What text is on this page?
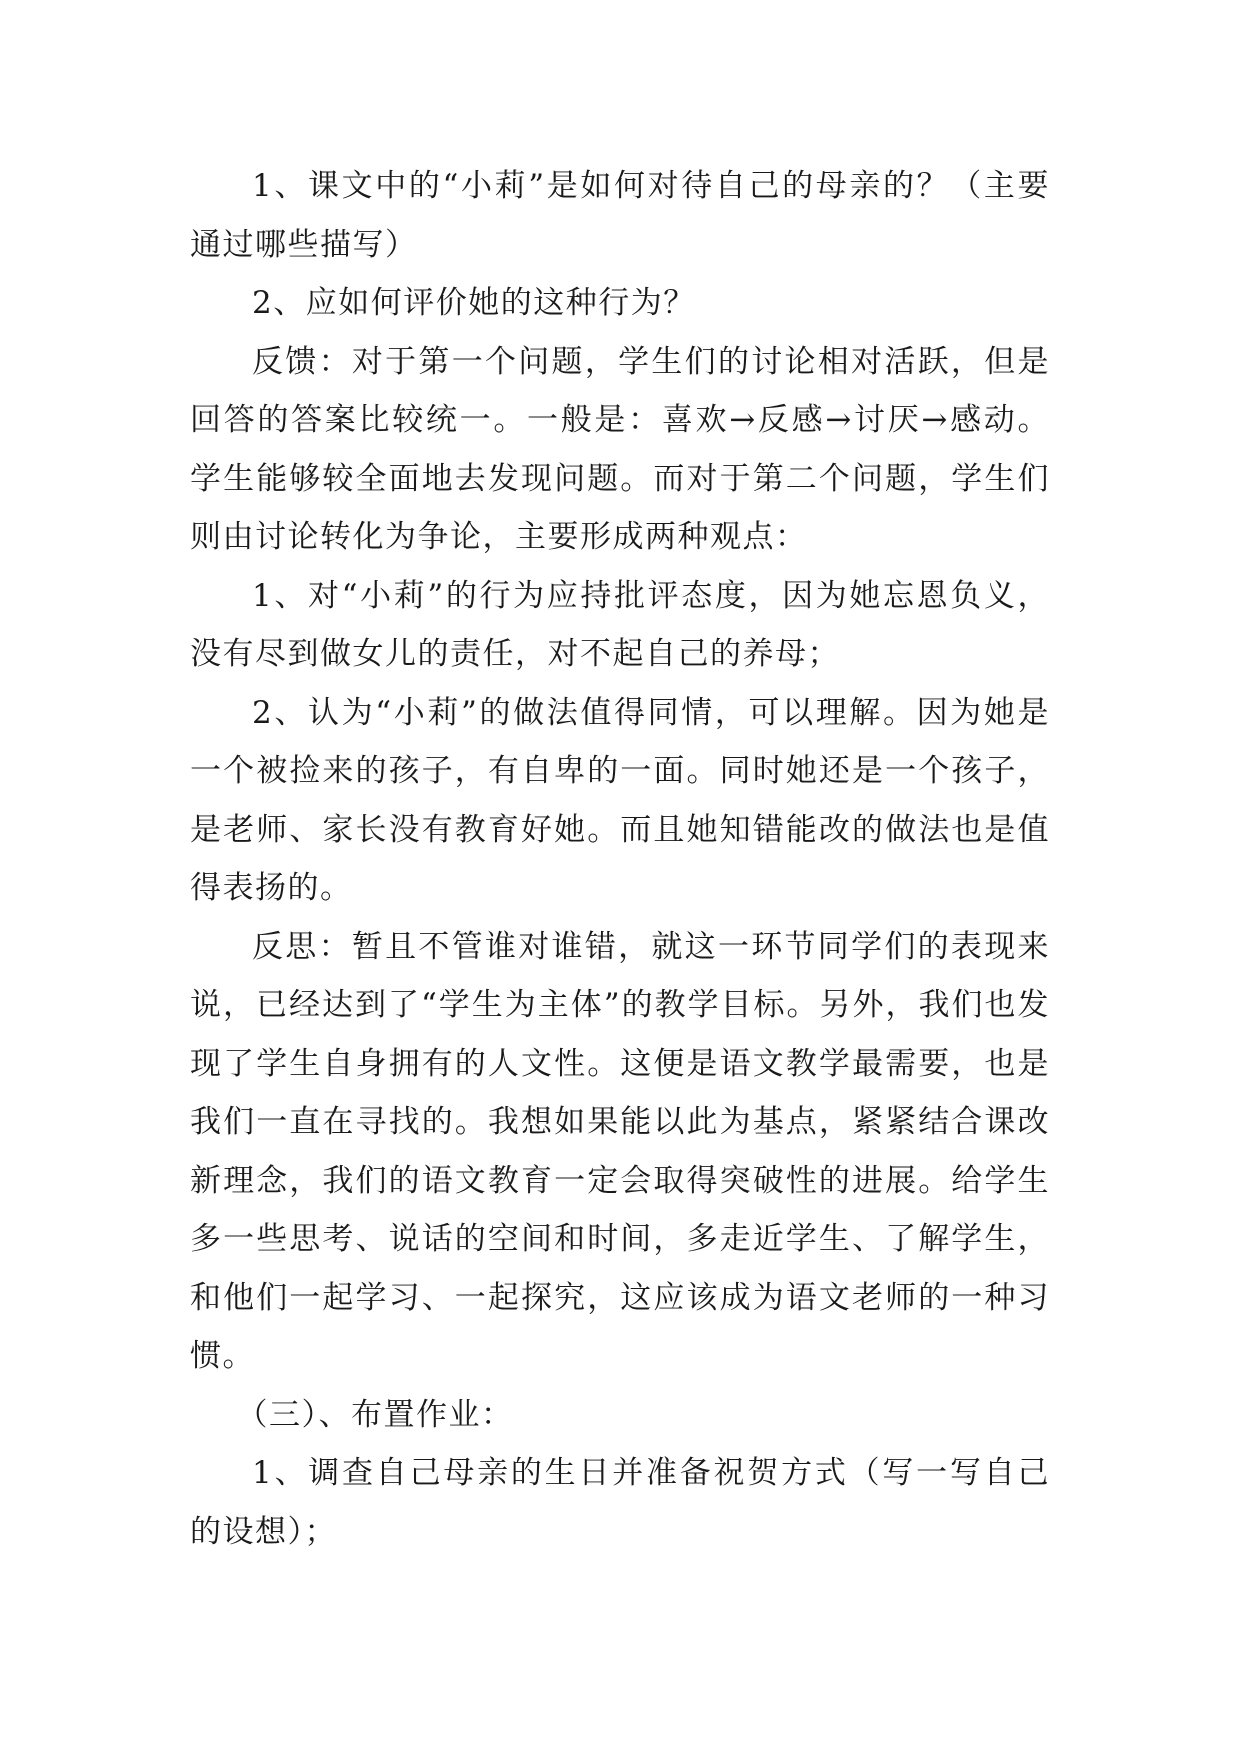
1、课文中的“小莉”是如何对待自己的母亲的？（主要通过哪些描写）

2、应如何评价她的这种行为？

反馈：对于第一个问题，学生们的讨论相对活跃，但是回答的答案比较统一。一般是：喜欢→反感→讨厌→感动。学生能够较全面地去发现问题。而对于第二个问题，学生们则由讨论转化为争论，主要形成两种观点：

1、对“小莉”的行为应持批评态度，因为她忘恩负义，没有尽到做女儿的责任，对不起自己的养母；

2、认为“小莉”的做法值得同情，可以理解。因为她是一个被捡来的孩子，有自卑的一面。同时她还是一个孩子，是老师、家长没有教育好她。而且她知错能改的做法也是值得表扬的。

反思：暂且不管谁对谁错，就这一环节同学们的表现来说，已经达到了“学生为主体”的教学目标。另外，我们也发现了学生自身拥有的人文性。这便是语文教学最需要，也是我们一直在寻找的。我想如果能以此为基点，紧紧结合课改新理念，我们的语文教育一定会取得突破性的进展。给学生多一些思考、说话的空间和时间，多走近学生、了解学生，和他们一起学习、一起探究，这应该成为语文老师的一种习惯。

（三）、布置作业：

1、调查自己母亲的生日并准备祝贺方式（写一写自己的设想）；
